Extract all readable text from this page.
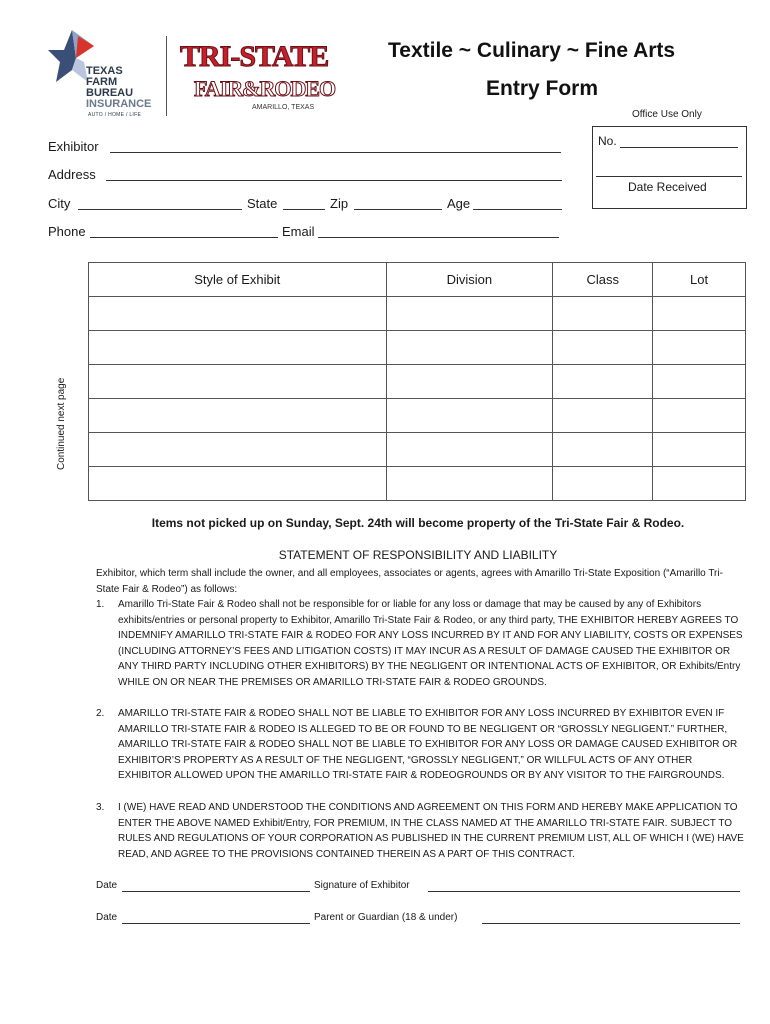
TEXAS
FARM
BUREAU
INSURANCE
AUTO / HOME / LIFE
TRI-STATE
FAIR&RODEO
AMARILLO, TEXAS
Textile ~ Culinary ~ Fine Arts
Entry Form
Office Use Only
No.
Date Received
Exhibitor
Address
City	State	Zip	Age
Phone	Email
Style of Exhibit	Division	Class	Lot

Continued next page
Items not picked up on Sunday, Sept. 24th will become property of the Tri-State Fair & Rodeo.
STATEMENT OF RESPONSIBILITY AND LIABILITY
Exhibitor, which term shall include the owner, and all employees, associates or agents, agrees with Amarillo Tri-State Exposition (“Amarillo Tri-State Fair & Rodeo”) as follows:
1. Amarillo Tri-State Fair & Rodeo shall not be responsible for or liable for any loss or damage that may be caused by any of Exhibitors exhibits/entries or personal property to Exhibitor, Amarillo Tri-State Fair & Rodeo, or any third party, THE EXHIBITOR HEREBY AGREES TO INDEMNIFY AMARILLO TRI-STATE FAIR & RODEO FOR ANY LOSS INCURRED BY IT AND FOR ANY LIABILITY, COSTS OR EXPENSES (INCLUDING ATTORNEY’S FEES AND LITIGATION COSTS) IT MAY INCUR AS A RESULT OF DAMAGE CAUSED THE EXHIBITOR OR ANY THIRD PARTY INCLUDING OTHER EXHIBITORS) BY THE NEGLIGENT OR INTENTIONAL ACTS OF EXHIBITOR, OR Exhibits/Entry WHILE ON OR NEAR THE PREMISES OR AMARILLO TRI-STATE FAIR & RODEO GROUNDS.
2. AMARILLO TRI-STATE FAIR & RODEO SHALL NOT BE LIABLE TO EXHIBITOR FOR ANY LOSS INCURRED BY EXHIBITOR EVEN IF AMARILLO TRI-STATE FAIR & RODEO IS ALLEGED TO BE OR FOUND TO BE NEGLIGENT OR “GROSSLY NEGLIGENT.” FURTHER, AMARILLO TRI-STATE FAIR & RODEO SHALL NOT BE LIABLE TO EXHIBITOR FOR ANY LOSS OR DAMAGE CAUSED EXHIBITOR OR EXHIBITOR’S PROPERTY AS A RESULT OF THE NEGLIGENT, “GROSSLY NEGLIGENT,” OR WILLFUL ACTS OF ANY OTHER EXHIBITOR ALLOWED UPON THE AMARILLO TRI-STATE FAIR & RODEOGROUNDS OR BY ANY VISITOR TO THE FAIRGROUNDS.
3. I (WE) HAVE READ AND UNDERSTOOD THE CONDITIONS AND AGREEMENT ON THIS FORM AND HEREBY MAKE APPLICATION TO ENTER THE ABOVE NAMED Exhibit/Entry, FOR PREMIUM, IN THE CLASS NAMED AT THE AMARILLO TRI-STATE FAIR. SUBJECT TO RULES AND REGULATIONS OF YOUR CORPORATION AS PUBLISHED IN THE CURRENT PREMIUM LIST, ALL OF WHICH I (WE) HAVE READ, AND AGREE TO THE PROVISIONS CONTAINED THEREIN AS A PART OF THIS CONTRACT.
Date	Signature of Exhibitor
Date	Parent or Guardian (18 & under)
